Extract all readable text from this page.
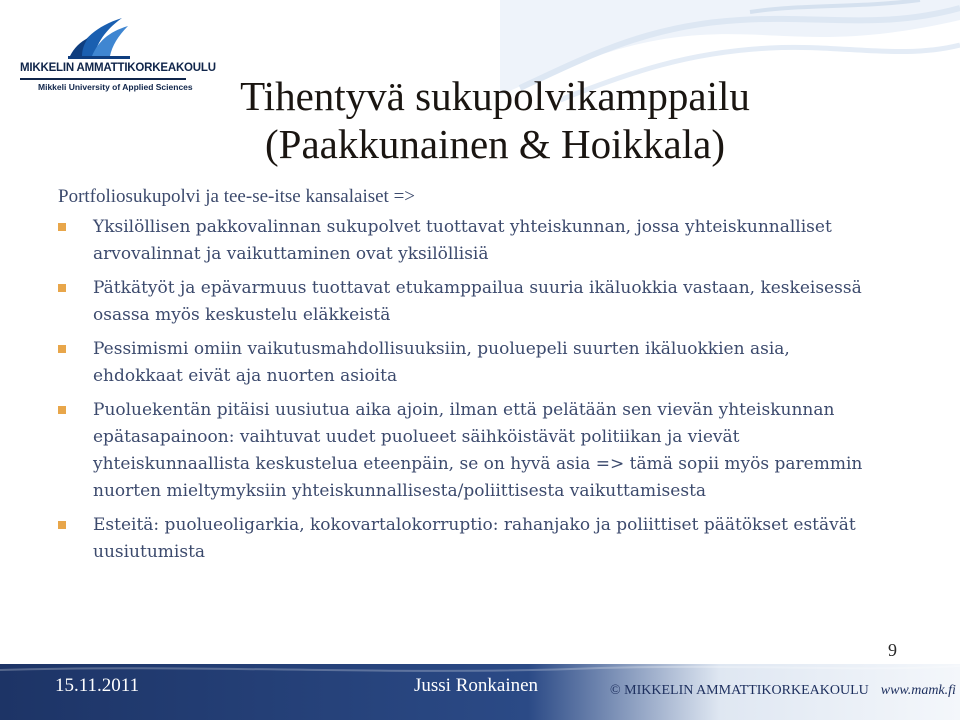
MIKKELIN AMMATTIKORKEAKOULU
Mikkeli University of Applied Sciences	Tihentyvä sukupolvikamppailu
(Paakkunainen & Hoikkala)

Portfoliosukupolvi ja tee-se-itse kansalaiset =>

Yksilöllisen pakkovalinnan sukupolvet tuottavat yhteiskunnan, jossa yhteiskunnalliset arvovalinnat ja vaikuttaminen ovat yksilöllisiä
Pätkätyöt ja epävarmuus tuottavat etukamppailua suuria ikäluokkia vastaan, keskeisessä osassa myös keskustelu eläkkeistä
Pessimismi omiin vaikutusmahdollisuuksiin, puoluepeli suurten ikäluokkien asia, ehdokkaat eivät aja nuorten asioita
Puoluekentän pitäisi uusiutua aika ajoin, ilman että pelätään sen vievän yhteiskunnan epätasapainoon: vaihtuvat uudet puolueet säihköistävät politiikan ja vievät yhteiskunnaallista keskustelua eteenpäin, se on hyvä asia => tämä sopii myös paremmin nuorten mieltymyksiin yhteiskunnallisesta/poliittisesta vaikuttamisesta
Esteitä: puolueoligarkia, kokovartalokorruptio: rahanjako ja poliittiset päätökset estävät uusiutumista
9
15.11.2011	Jussi Ronkainen	© MIKKELIN AMMATTIKORKEAKOULU www.mamk.fi
